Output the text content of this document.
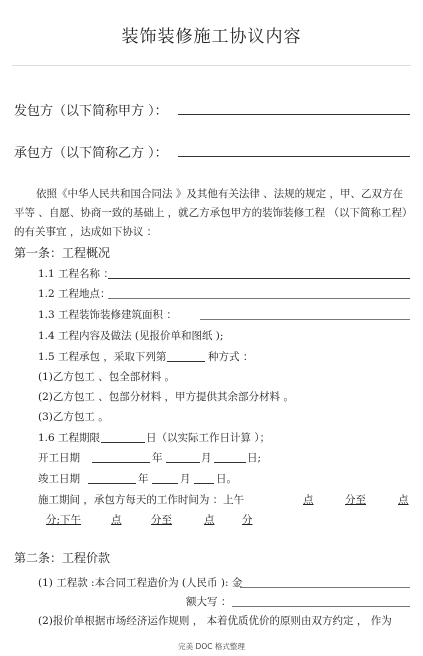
装饰装修施工协议内容
发包方（以下简称甲方 ）：
承包方（以下简称乙方 ）：
依照《中华人民共和国合同法 》及其他有关法律 、法规的规定 ，甲、乙双方在平等 、自愿、协商一致的基础上 ，就乙方承包甲方的装饰装修工程 （以下简称工程）的有关事宜 ，达成如下协议 ：
第一条：工程概况
1.1 工程名称 ：
1.2 工程地点：
1.3 工程装饰装修建筑面积 ：
1.4 工程内容及做法 (见报价单和图纸 );
1.5 工程承包 ，采取下列第	种方式 ：
(1)乙方包工 、包全部材料 。
(2)乙方包工 、包部分材料 ，甲方提供其余部分材料 。
(3)乙方包工 。
1.6 工程期限	日（以实际工作日计算 ）；
开工日期	年	月	日;
竣工日期	年	月 日。
施工期间 ，承包方每天的工作时间为 ：上午	点	分至	点
分;下午	点	分至	点	分
第二条：工程价款
(1) 工程款 :本合同工程造价为 (人民币 ): 金
额大写 ：
(2)报价单根据市场经济运作规则 ， 本着优质优价的原则由双方约定 ， 作为
完美 DOC 格式整理
